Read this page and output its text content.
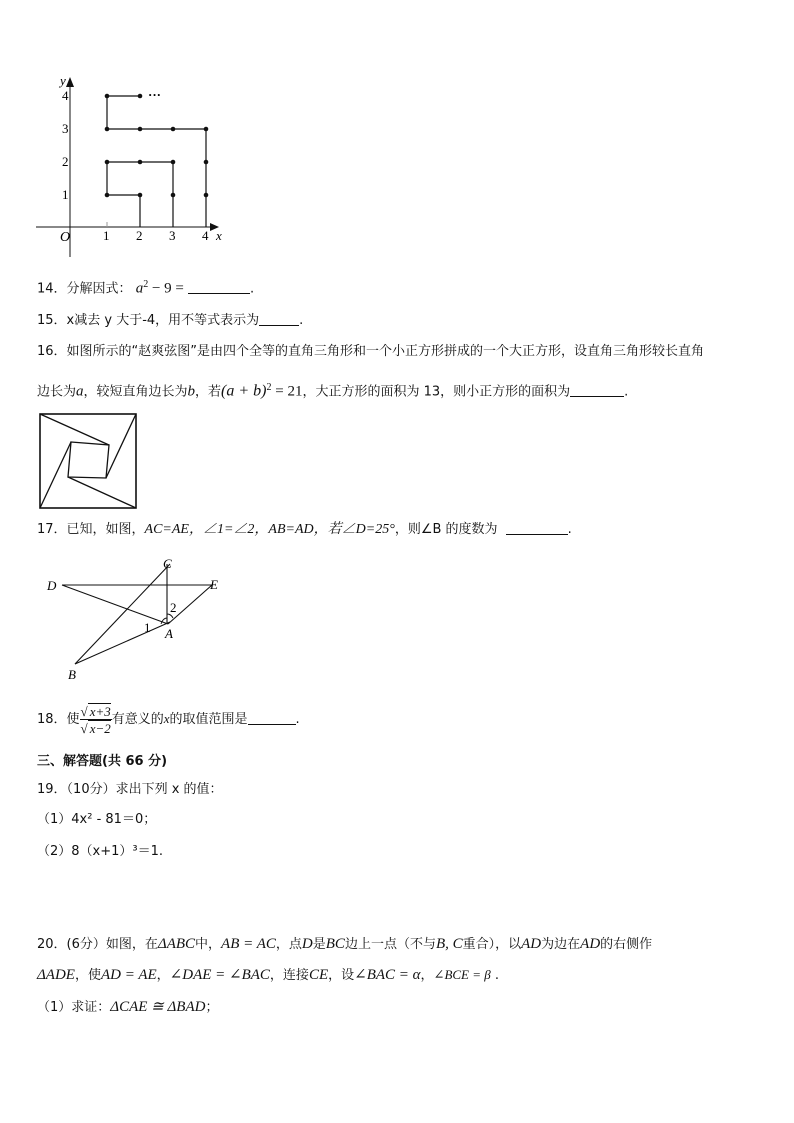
y
x
O
4
3
2
1
1 2 3 4
···
14．分解因式： $a^2 - 9$ =	.
15．x减去 y 大于-4，用不等式表示为	.
16．如图所示的“赵爽弦图”是由四个全等的直角三角形和一个小正方形拼成的一个大正方形，设直角三角形较长直角
边长为a，较短直角边长为b，若$(a + b)^2 = 21$，大正方形的面积为 13，则小正方形的面积为	.
17．已知，如图，AC=AE，∠1=∠2，AB=AD，若∠D=25°，则∠B 的度数为	.
C
D	E
A
B
1
2
18．使 $\frac{√ x+3}{√ x-2}$ 有意义的x的取值范围是	.
三、解答题(共 66 分)
19．（10分）求出下列 x 的值：
（1）4x² - 81＝0；
（2）8（x+1）³＝1.
20．(6分）如图，在ΔABC中，AB = AC，点D是BC边上一点（不与B, C重合），以AD为边在AD的右侧作
ΔADE，使AD = AE，∠DAE = ∠BAC，连接CE，设∠BAC = α，∠BCE = β .
（1）求证：ΔCAE ≅ ΔBAD；
